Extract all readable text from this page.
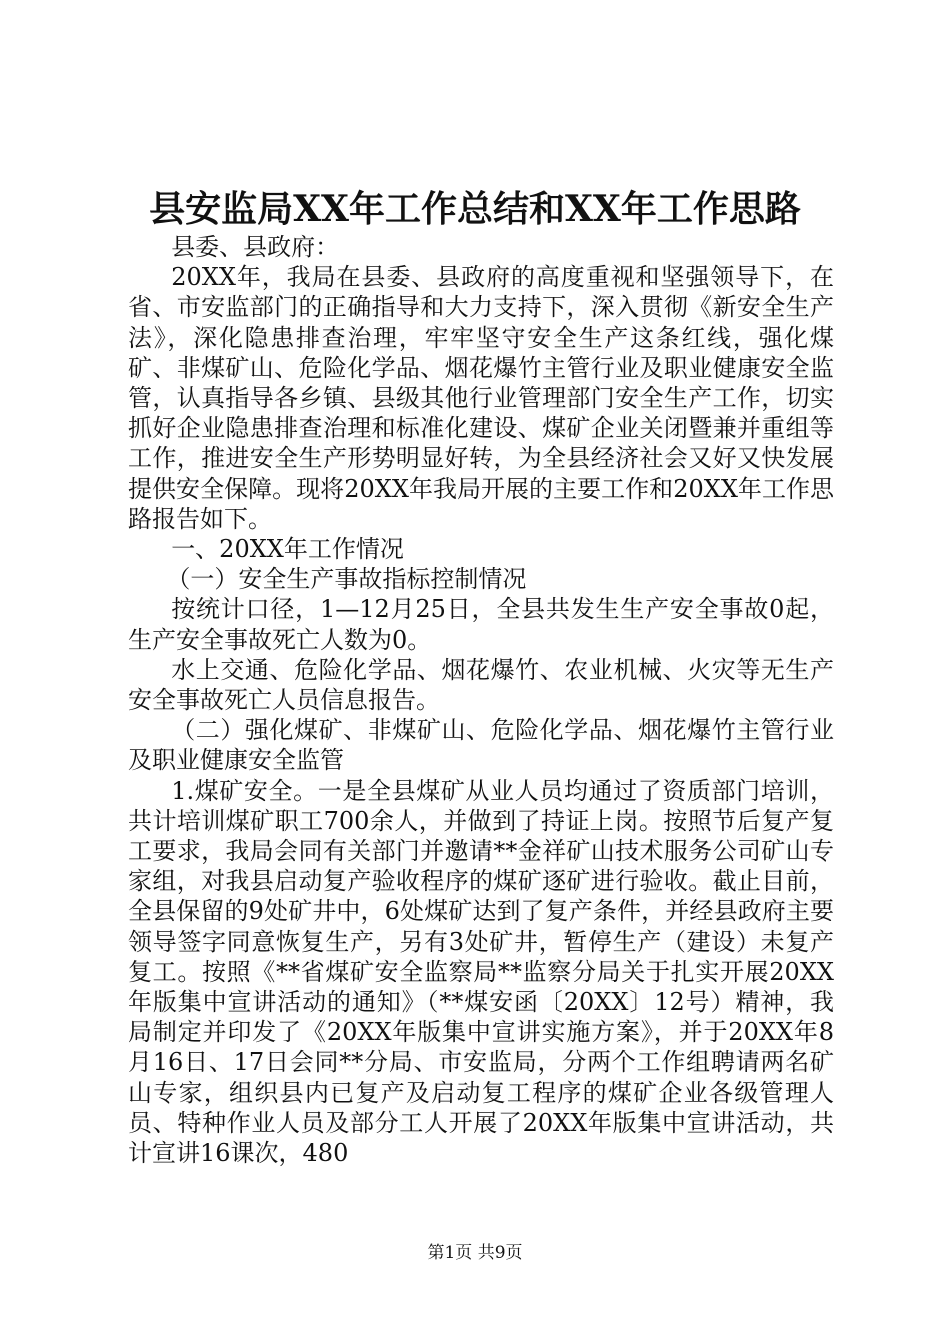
县安监局XX年工作总结和XX年工作思路

县委、县政府：

20XX年，我局在县委、县政府的高度重视和坚强领导下，在省、市安监部门的正确指导和大力支持下，深入贯彻《新安全生产法》，深化隐患排查治理，牢牢坚守安全生产这条红线，强化煤矿、非煤矿山、危险化学品、烟花爆竹主管行业及职业健康安全监管，认真指导各乡镇、县级其他行业管理部门安全生产工作，切实抓好企业隐患排查治理和标准化建设、煤矿企业关闭暨兼并重组等工作，推进安全生产形势明显好转，为全县经济社会又好又快发展提供安全保障。现将20XX年我局开展的主要工作和20XX年工作思路报告如下。

一、20XX年工作情况

（一）安全生产事故指标控制情况

按统计口径，1—12月25日，全县共发生生产安全事故0起，生产安全事故死亡人数为0。

水上交通、危险化学品、烟花爆竹、农业机械、火灾等无生产安全事故死亡人员信息报告。

（二）强化煤矿、非煤矿山、危险化学品、烟花爆竹主管行业及职业健康安全监管

1.煤矿安全。一是全县煤矿从业人员均通过了资质部门培训，共计培训煤矿职工700余人，并做到了持证上岗。按照节后复产复工要求，我局会同有关部门并邀请**金祥矿山技术服务公司矿山专家组，对我县启动复产验收程序的煤矿逐矿进行验收。截止目前，全县保留的9处矿井中，6处煤矿达到了复产条件，并经县政府主要领导签字同意恢复生产，另有3处矿井，暂停生产（建设）未复产复工。按照《**省煤矿安全监察局**监察分局关于扎实开展20XX年版集中宣讲活动的通知》（**煤安函〔20XX〕12号）精神，我局制定并印发了《20XX年版集中宣讲实施方案》，并于20XX年8月16日、17日会同**分局、市安监局，分两个工作组聘请两名矿山专家，组织县内已复产及启动复工程序的煤矿企业各级管理人员、特种作业人员及部分工人开展了20XX年版集中宣讲活动，共计宣讲16课次，480

第1页 共9页
